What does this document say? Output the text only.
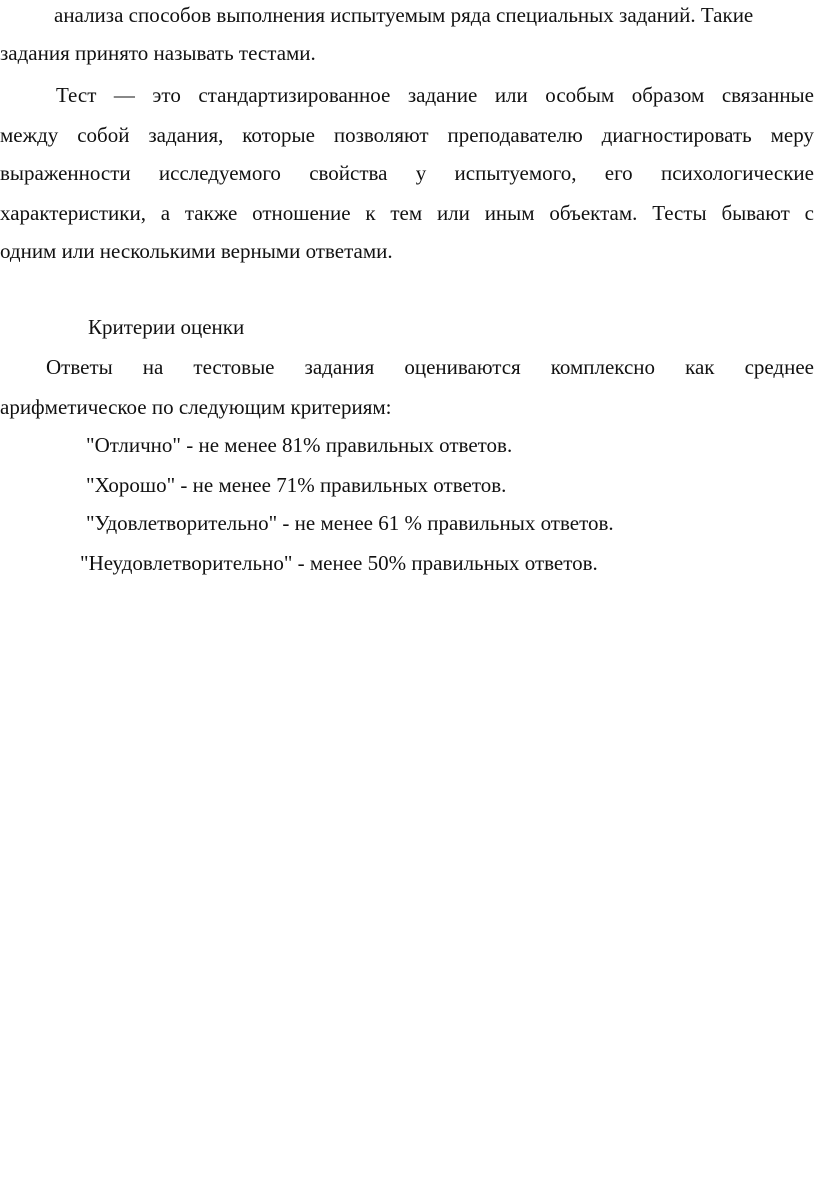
анализа способов выполнения испытуемым ряда специальных заданий. Такие
задания принято называть тестами.
Тест — это стандартизированное задание или особым образом связанные
между собой задания, которые позволяют преподавателю диагностировать меру
выраженности исследуемого свойства у испытуемого, его психологические
характеристики, а также отношение к тем или иным объектам. Тесты бывают с
одним или несколькими верными ответами.
Критерии оценки
Ответы на тестовые задания оцениваются комплексно как среднее
арифметическое по следующим критериям:
"Отлично" - не менее 81% правильных ответов.
"Хорошо" - не менее 71% правильных ответов.
"Удовлетворительно" - не менее 61 % правильных ответов.
"Неудовлетворительно" - менее 50% правильных ответов.
